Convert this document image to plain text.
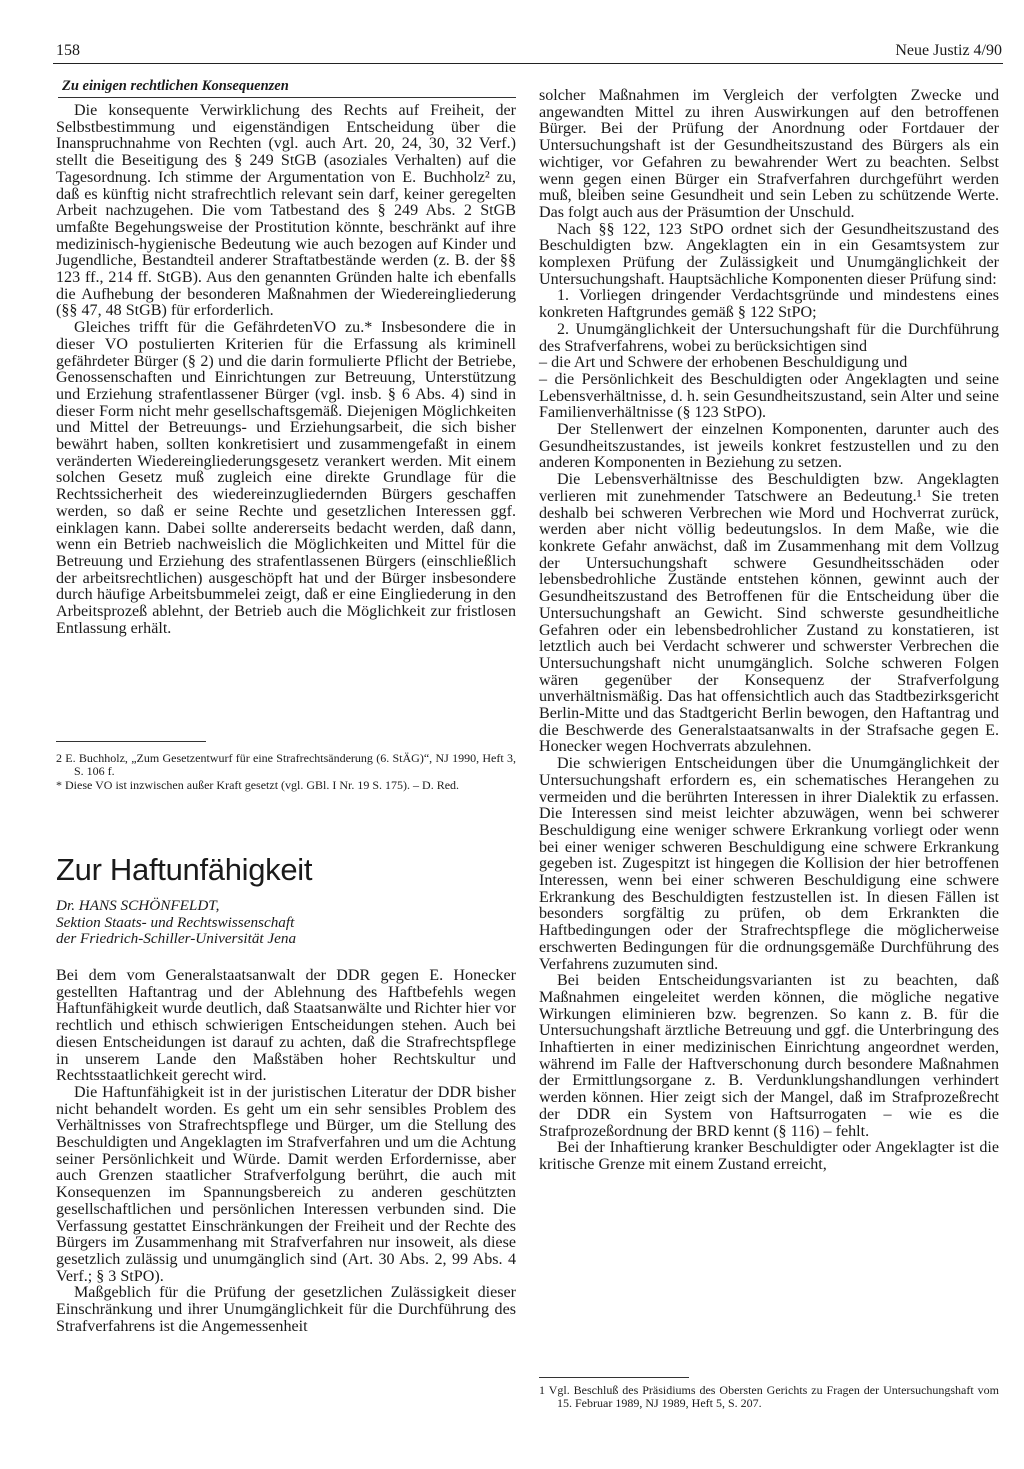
158	Neue Justiz 4/90
Zu einigen rechtlichen Konsequenzen

Die konsequente Verwirklichung des Rechts auf Freiheit, der Selbstbestimmung und eigenständigen Entscheidung über die Inanspruchnahme von Rechten (vgl. auch Art. 20, 24, 30, 32 Verf.) stellt die Beseitigung des § 249 StGB (asoziales Verhalten) auf die Tagesordnung. Ich stimme der Argumentation von E. Buchholz² zu, daß es künftig nicht strafrechtlich relevant sein darf, keiner geregelten Arbeit nachzugehen. Die vom Tatbestand des § 249 Abs. 2 StGB umfaßte Begehungsweise der Prostitution könnte, beschränkt auf ihre medizinisch-hygienische Bedeutung wie auch bezogen auf Kinder und Jugendliche, Bestandteil anderer Straftatbestände werden (z. B. der §§ 123 ff., 214 ff. StGB). Aus den genannten Gründen halte ich ebenfalls die Aufhebung der besonderen Maßnahmen der Wiedereingliederung (§§ 47, 48 StGB) für erforderlich.

Gleiches trifft für die GefährdetenVO zu.* Insbesondere die in dieser VO postulierten Kriterien für die Erfassung als kriminell gefährdeter Bürger (§ 2) und die darin formulierte Pflicht der Betriebe, Genossenschaften und Einrichtungen zur Betreuung, Unterstützung und Erziehung strafentlassener Bürger (vgl. insb. § 6 Abs. 4) sind in dieser Form nicht mehr gesellschaftsgemäß. Diejenigen Möglichkeiten und Mittel der Betreuungs- und Erziehungsarbeit, die sich bisher bewährt haben, sollten konkretisiert und zusammengefaßt in einem veränderten Wiedereingliederungsgesetz verankert werden. Mit einem solchen Gesetz muß zugleich eine direkte Grundlage für die Rechtssicherheit des wiedereinzugliedernden Bürgers geschaffen werden, so daß er seine Rechte und gesetzlichen Interessen ggf. einklagen kann. Dabei sollte andererseits bedacht werden, daß dann, wenn ein Betrieb nachweislich die Möglichkeiten und Mittel für die Betreuung und Erziehung des strafentlassenen Bürgers (einschließlich der arbeitsrechtlichen) ausgeschöpft hat und der Bürger insbesondere durch häufige Arbeitsbummelei zeigt, daß er eine Eingliederung in den Arbeitsprozeß ablehnt, der Betrieb auch die Möglichkeit zur fristlosen Entlassung erhält.

2 E. Buchholz, „Zum Gesetzentwurf für eine Strafrechtsänderung (6. StÄG)“, NJ 1990, Heft 3, S. 106 f.

* Diese VO ist inzwischen außer Kraft gesetzt (vgl. GBl. I Nr. 19 S. 175). – D. Red.

Zur Haftunfähigkeit
Dr. HANS SCHÖNFELDT,
Sektion Staats- und Rechtswissenschaft
der Friedrich-Schiller-Universität Jena

Bei dem vom Generalstaatsanwalt der DDR gegen E. Honecker gestellten Haftantrag und der Ablehnung des Haftbefehls wegen Haftunfähigkeit wurde deutlich, daß Staatsanwälte und Richter hier vor rechtlich und ethisch schwierigen Entscheidungen stehen. Auch bei diesen Entscheidungen ist darauf zu achten, daß die Strafrechtspflege in unserem Lande den Maßstäben hoher Rechtskultur und Rechtsstaatlichkeit gerecht wird.

Die Haftunfähigkeit ist in der juristischen Literatur der DDR bisher nicht behandelt worden. Es geht um ein sehr sensibles Problem des Verhältnisses von Strafrechtspflege und Bürger, um die Stellung des Beschuldigten und Angeklagten im Strafverfahren und um die Achtung seiner Persönlichkeit und Würde. Damit werden Erfordernisse, aber auch Grenzen staatlicher Strafverfolgung berührt, die auch mit Konsequenzen im Spannungsbereich zu anderen geschützten gesellschaftlichen und persönlichen Interessen verbunden sind. Die Verfassung gestattet Einschränkungen der Freiheit und der Rechte des Bürgers im Zusammenhang mit Strafverfahren nur insoweit, als diese gesetzlich zulässig und unumgänglich sind (Art. 30 Abs. 2, 99 Abs. 4 Verf.; § 3 StPO).

Maßgeblich für die Prüfung der gesetzlichen Zulässigkeit dieser Einschränkung und ihrer Unumgänglichkeit für die Durchführung des Strafverfahrens ist die Angemessenheit

solcher Maßnahmen im Vergleich der verfolgten Zwecke und angewandten Mittel zu ihren Auswirkungen auf den betroffenen Bürger. Bei der Prüfung der Anordnung oder Fortdauer der Untersuchungshaft ist der Gesundheitszustand des Bürgers als ein wichtiger, vor Gefahren zu bewahrender Wert zu beachten. Selbst wenn gegen einen Bürger ein Strafverfahren durchgeführt werden muß, bleiben seine Gesundheit und sein Leben zu schützende Werte. Das folgt auch aus der Präsumtion der Unschuld.

Nach §§ 122, 123 StPO ordnet sich der Gesundheitszustand des Beschuldigten bzw. Angeklagten ein in ein Gesamtsystem zur komplexen Prüfung der Zulässigkeit und Unumgänglichkeit der Untersuchungshaft. Hauptsächliche Komponenten dieser Prüfung sind:

1. Vorliegen dringender Verdachtsgründe und mindestens eines konkreten Haftgrundes gemäß § 122 StPO;

2. Unumgänglichkeit der Untersuchungshaft für die Durchführung des Strafverfahrens, wobei zu berücksichtigen sind

– die Art und Schwere der erhobenen Beschuldigung und

– die Persönlichkeit des Beschuldigten oder Angeklagten und seine Lebensverhältnisse, d. h. sein Gesundheitszustand, sein Alter und seine Familienverhältnisse (§ 123 StPO).

Der Stellenwert der einzelnen Komponenten, darunter auch des Gesundheitszustandes, ist jeweils konkret festzustellen und zu den anderen Komponenten in Beziehung zu setzen.

Die Lebensverhältnisse des Beschuldigten bzw. Angeklagten verlieren mit zunehmender Tatschwere an Bedeutung.¹ Sie treten deshalb bei schweren Verbrechen wie Mord und Hochverrat zurück, werden aber nicht völlig bedeutungslos. In dem Maße, wie die konkrete Gefahr anwächst, daß im Zusammenhang mit dem Vollzug der Untersuchungshaft schwere Gesundheitsschäden oder lebensbedrohliche Zustände entstehen können, gewinnt auch der Gesundheitszustand des Betroffenen für die Entscheidung über die Untersuchungshaft an Gewicht. Sind schwerste gesundheitliche Gefahren oder ein lebensbedrohlicher Zustand zu konstatieren, ist letztlich auch bei Verdacht schwerer und schwerster Verbrechen die Untersuchungshaft nicht unumgänglich. Solche schweren Folgen wären gegenüber der Konsequenz der Strafverfolgung unverhältnismäßig. Das hat offensichtlich auch das Stadtbezirksgericht Berlin-Mitte und das Stadtgericht Berlin bewogen, den Haftantrag und die Beschwerde des Generalstaatsanwalts in der Strafsache gegen E. Honecker wegen Hochverrats abzulehnen.

Die schwierigen Entscheidungen über die Unumgänglichkeit der Untersuchungshaft erfordern es, ein schematisches Herangehen zu vermeiden und die berührten Interessen in ihrer Dialektik zu erfassen. Die Interessen sind meist leichter abzuwägen, wenn bei schwerer Beschuldigung eine weniger schwere Erkrankung vorliegt oder wenn bei einer weniger schweren Beschuldigung eine schwere Erkrankung gegeben ist. Zugespitzt ist hingegen die Kollision der hier betroffenen Interessen, wenn bei einer schweren Beschuldigung eine schwere Erkrankung des Beschuldigten festzustellen ist. In diesen Fällen ist besonders sorgfältig zu prüfen, ob dem Erkrankten die Haftbedingungen oder der Strafrechtspflege die möglicherweise erschwerten Bedingungen für die ordnungsgemäße Durchführung des Verfahrens zuzumuten sind.

Bei beiden Entscheidungsvarianten ist zu beachten, daß Maßnahmen eingeleitet werden können, die mögliche negative Wirkungen eliminieren bzw. begrenzen. So kann z. B. für die Untersuchungshaft ärztliche Betreuung und ggf. die Unterbringung des Inhaftierten in einer medizinischen Einrichtung angeordnet werden, während im Falle der Haftverschonung durch besondere Maßnahmen der Ermittlungsorgane z. B. Verdunklungshandlungen verhindert werden können. Hier zeigt sich der Mangel, daß im Strafprozeßrecht der DDR ein System von Haftsurrogaten – wie es die Strafprozeßordnung der BRD kennt (§ 116) – fehlt.

Bei der Inhaftierung kranker Beschuldigter oder Angeklagter ist die kritische Grenze mit einem Zustand erreicht,

1 Vgl. Beschluß des Präsidiums des Obersten Gerichts zu Fragen der Untersuchungshaft vom 15. Februar 1989, NJ 1989, Heft 5, S. 207.
